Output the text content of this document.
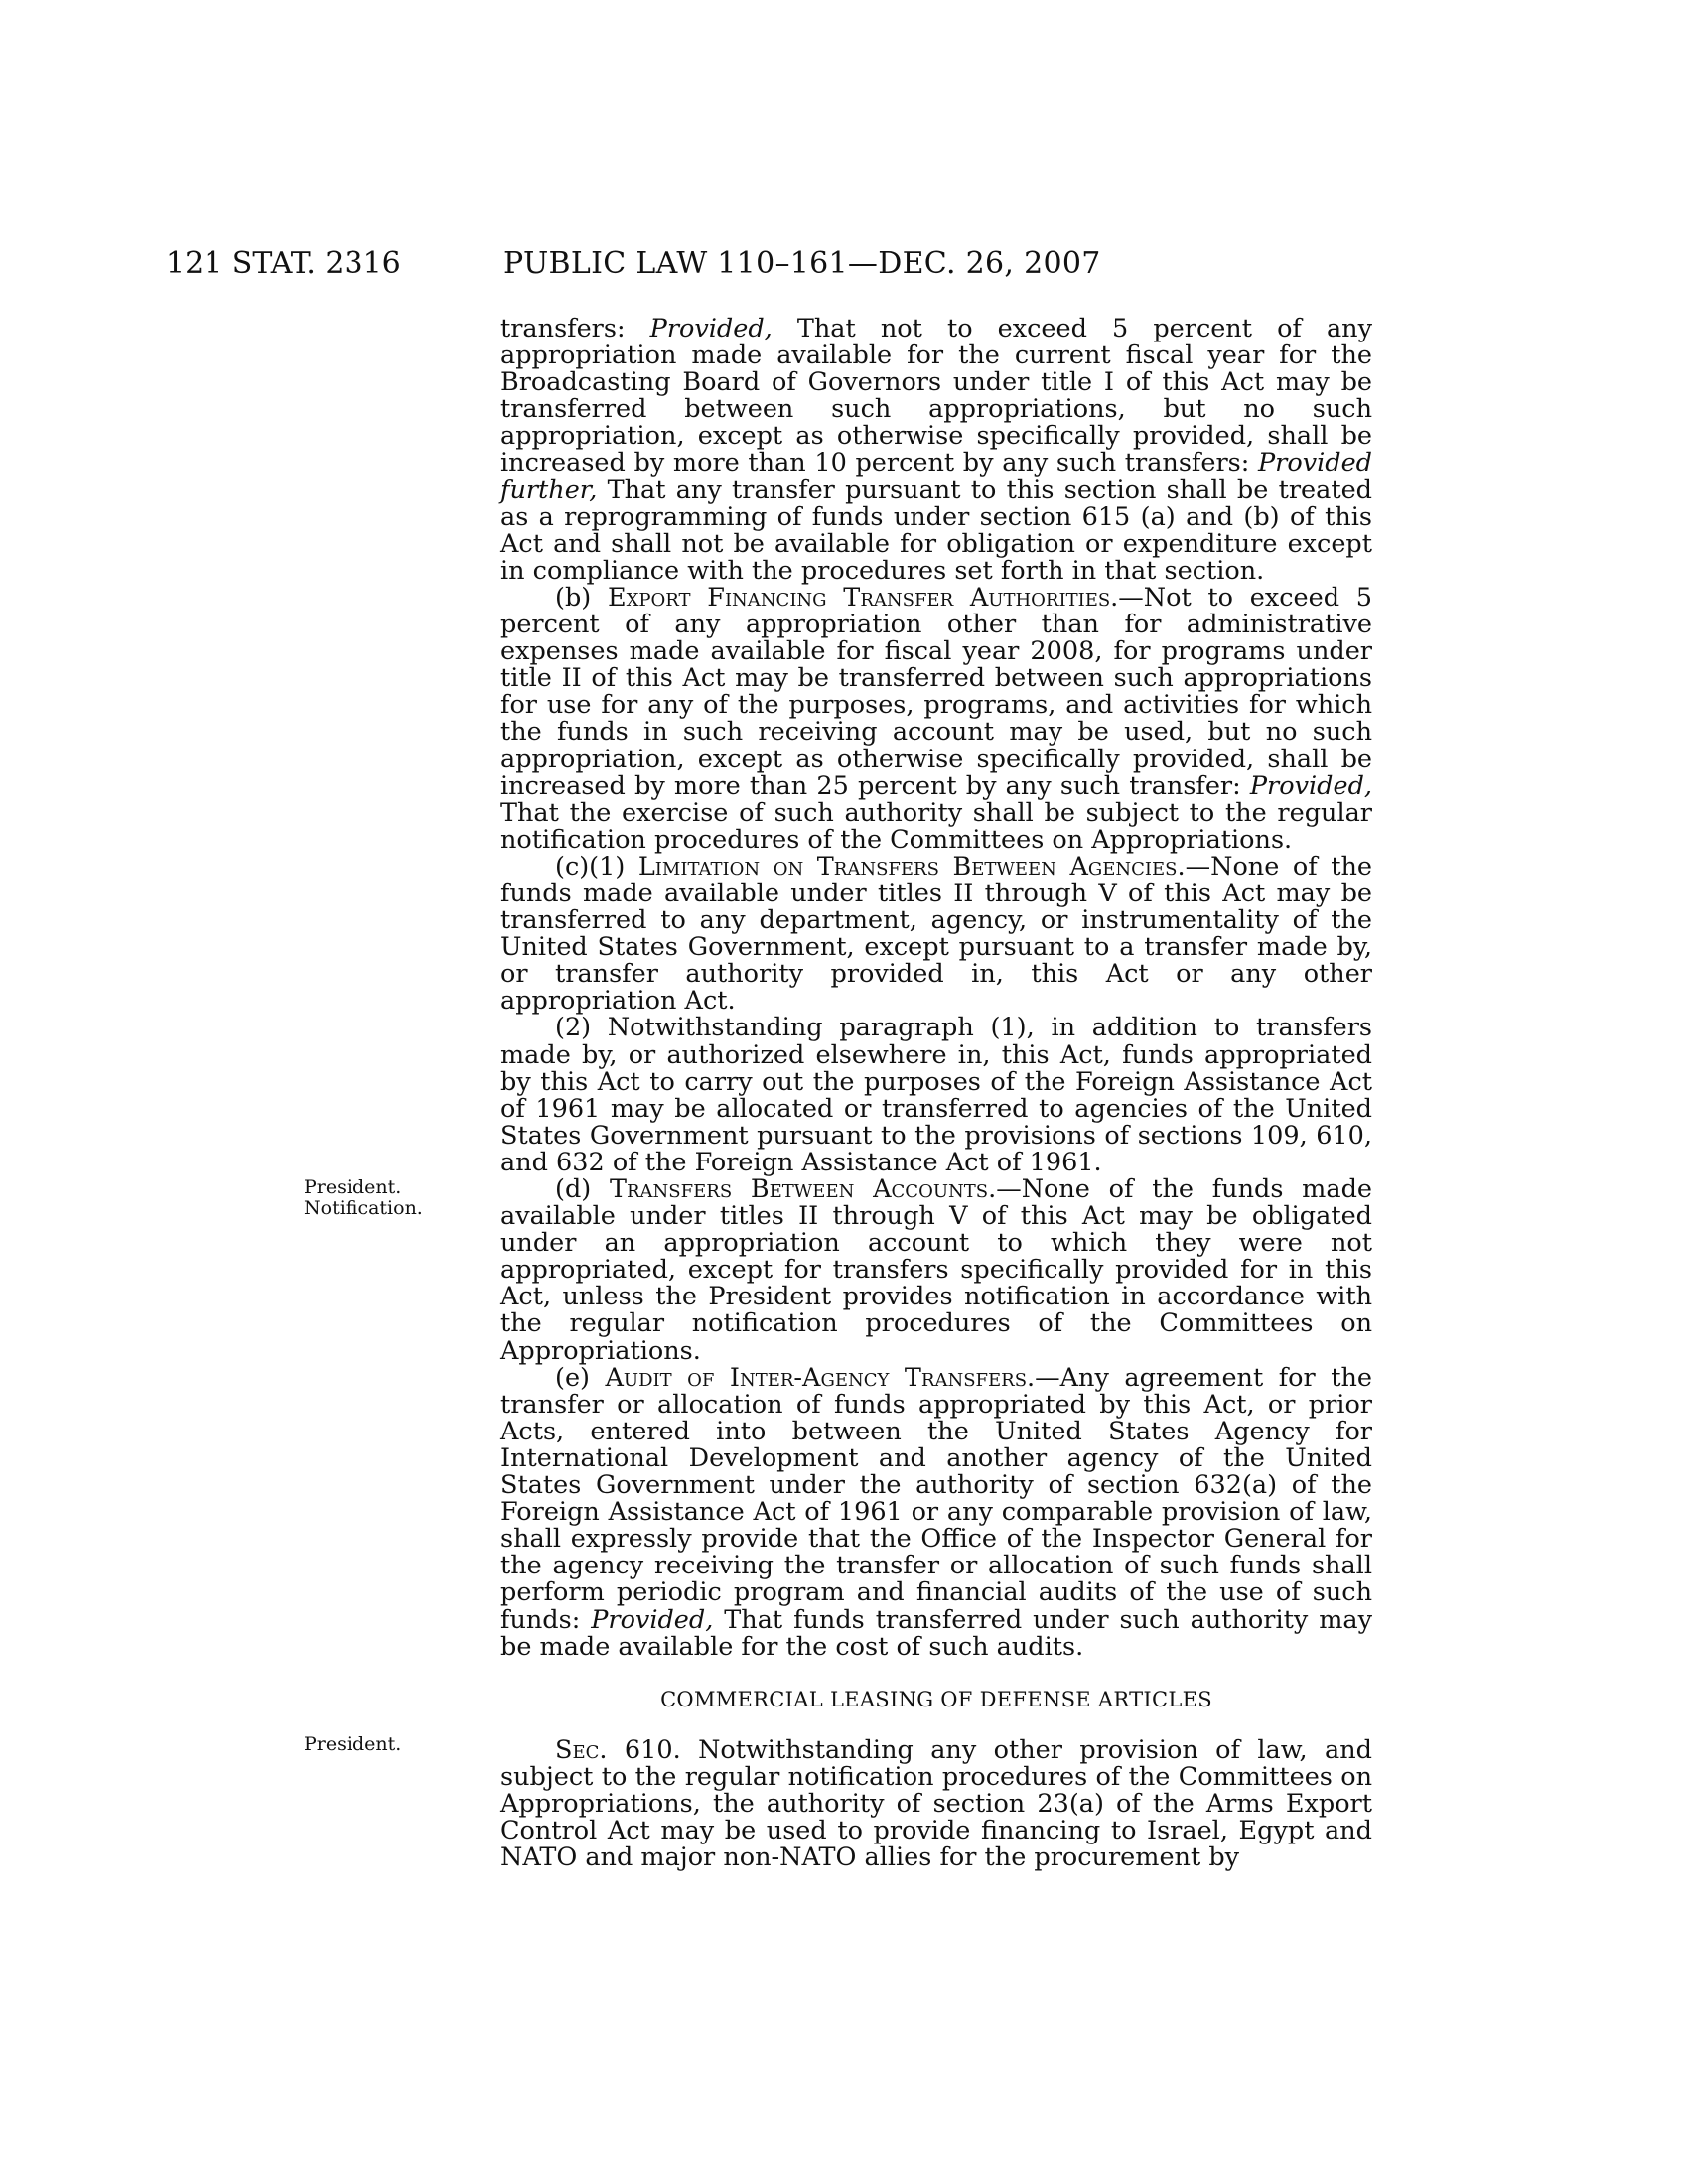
121 STAT. 2316	PUBLIC LAW 110–161—DEC. 26, 2007
President.
Notification.
President.

transfers: Provided, That not to exceed 5 percent of any appropriation made available for the current fiscal year for the Broadcasting Board of Governors under title I of this Act may be transferred between such appropriations, but no such appropriation, except as otherwise specifically provided, shall be increased by more than 10 percent by any such transfers: Provided further, That any transfer pursuant to this section shall be treated as a reprogramming of funds under section 615 (a) and (b) of this Act and shall not be available for obligation or expenditure except in compliance with the procedures set forth in that section.

(b) Export Financing Transfer Authorities.—Not to exceed 5 percent of any appropriation other than for administrative expenses made available for fiscal year 2008, for programs under title II of this Act may be transferred between such appropriations for use for any of the purposes, programs, and activities for which the funds in such receiving account may be used, but no such appropriation, except as otherwise specifically provided, shall be increased by more than 25 percent by any such transfer: Provided, That the exercise of such authority shall be subject to the regular notification procedures of the Committees on Appropriations.

(c)(1) Limitation on Transfers Between Agencies.—None of the funds made available under titles II through V of this Act may be transferred to any department, agency, or instrumentality of the United States Government, except pursuant to a transfer made by, or transfer authority provided in, this Act or any other appropriation Act.

(2) Notwithstanding paragraph (1), in addition to transfers made by, or authorized elsewhere in, this Act, funds appropriated by this Act to carry out the purposes of the Foreign Assistance Act of 1961 may be allocated or transferred to agencies of the United States Government pursuant to the provisions of sections 109, 610, and 632 of the Foreign Assistance Act of 1961.

(d) Transfers Between Accounts.—None of the funds made available under titles II through V of this Act may be obligated under an appropriation account to which they were not appropriated, except for transfers specifically provided for in this Act, unless the President provides notification in accordance with the regular notification procedures of the Committees on Appropriations.

(e) Audit of Inter-Agency Transfers.—Any agreement for the transfer or allocation of funds appropriated by this Act, or prior Acts, entered into between the United States Agency for International Development and another agency of the United States Government under the authority of section 632(a) of the Foreign Assistance Act of 1961 or any comparable provision of law, shall expressly provide that the Office of the Inspector General for the agency receiving the transfer or allocation of such funds shall perform periodic program and financial audits of the use of such funds: Provided, That funds transferred under such authority may be made available for the cost of such audits.

COMMERCIAL LEASING OF DEFENSE ARTICLES

Sec. 610. Notwithstanding any other provision of law, and subject to the regular notification procedures of the Committees on Appropriations, the authority of section 23(a) of the Arms Export Control Act may be used to provide financing to Israel, Egypt and NATO and major non-NATO allies for the procurement by
